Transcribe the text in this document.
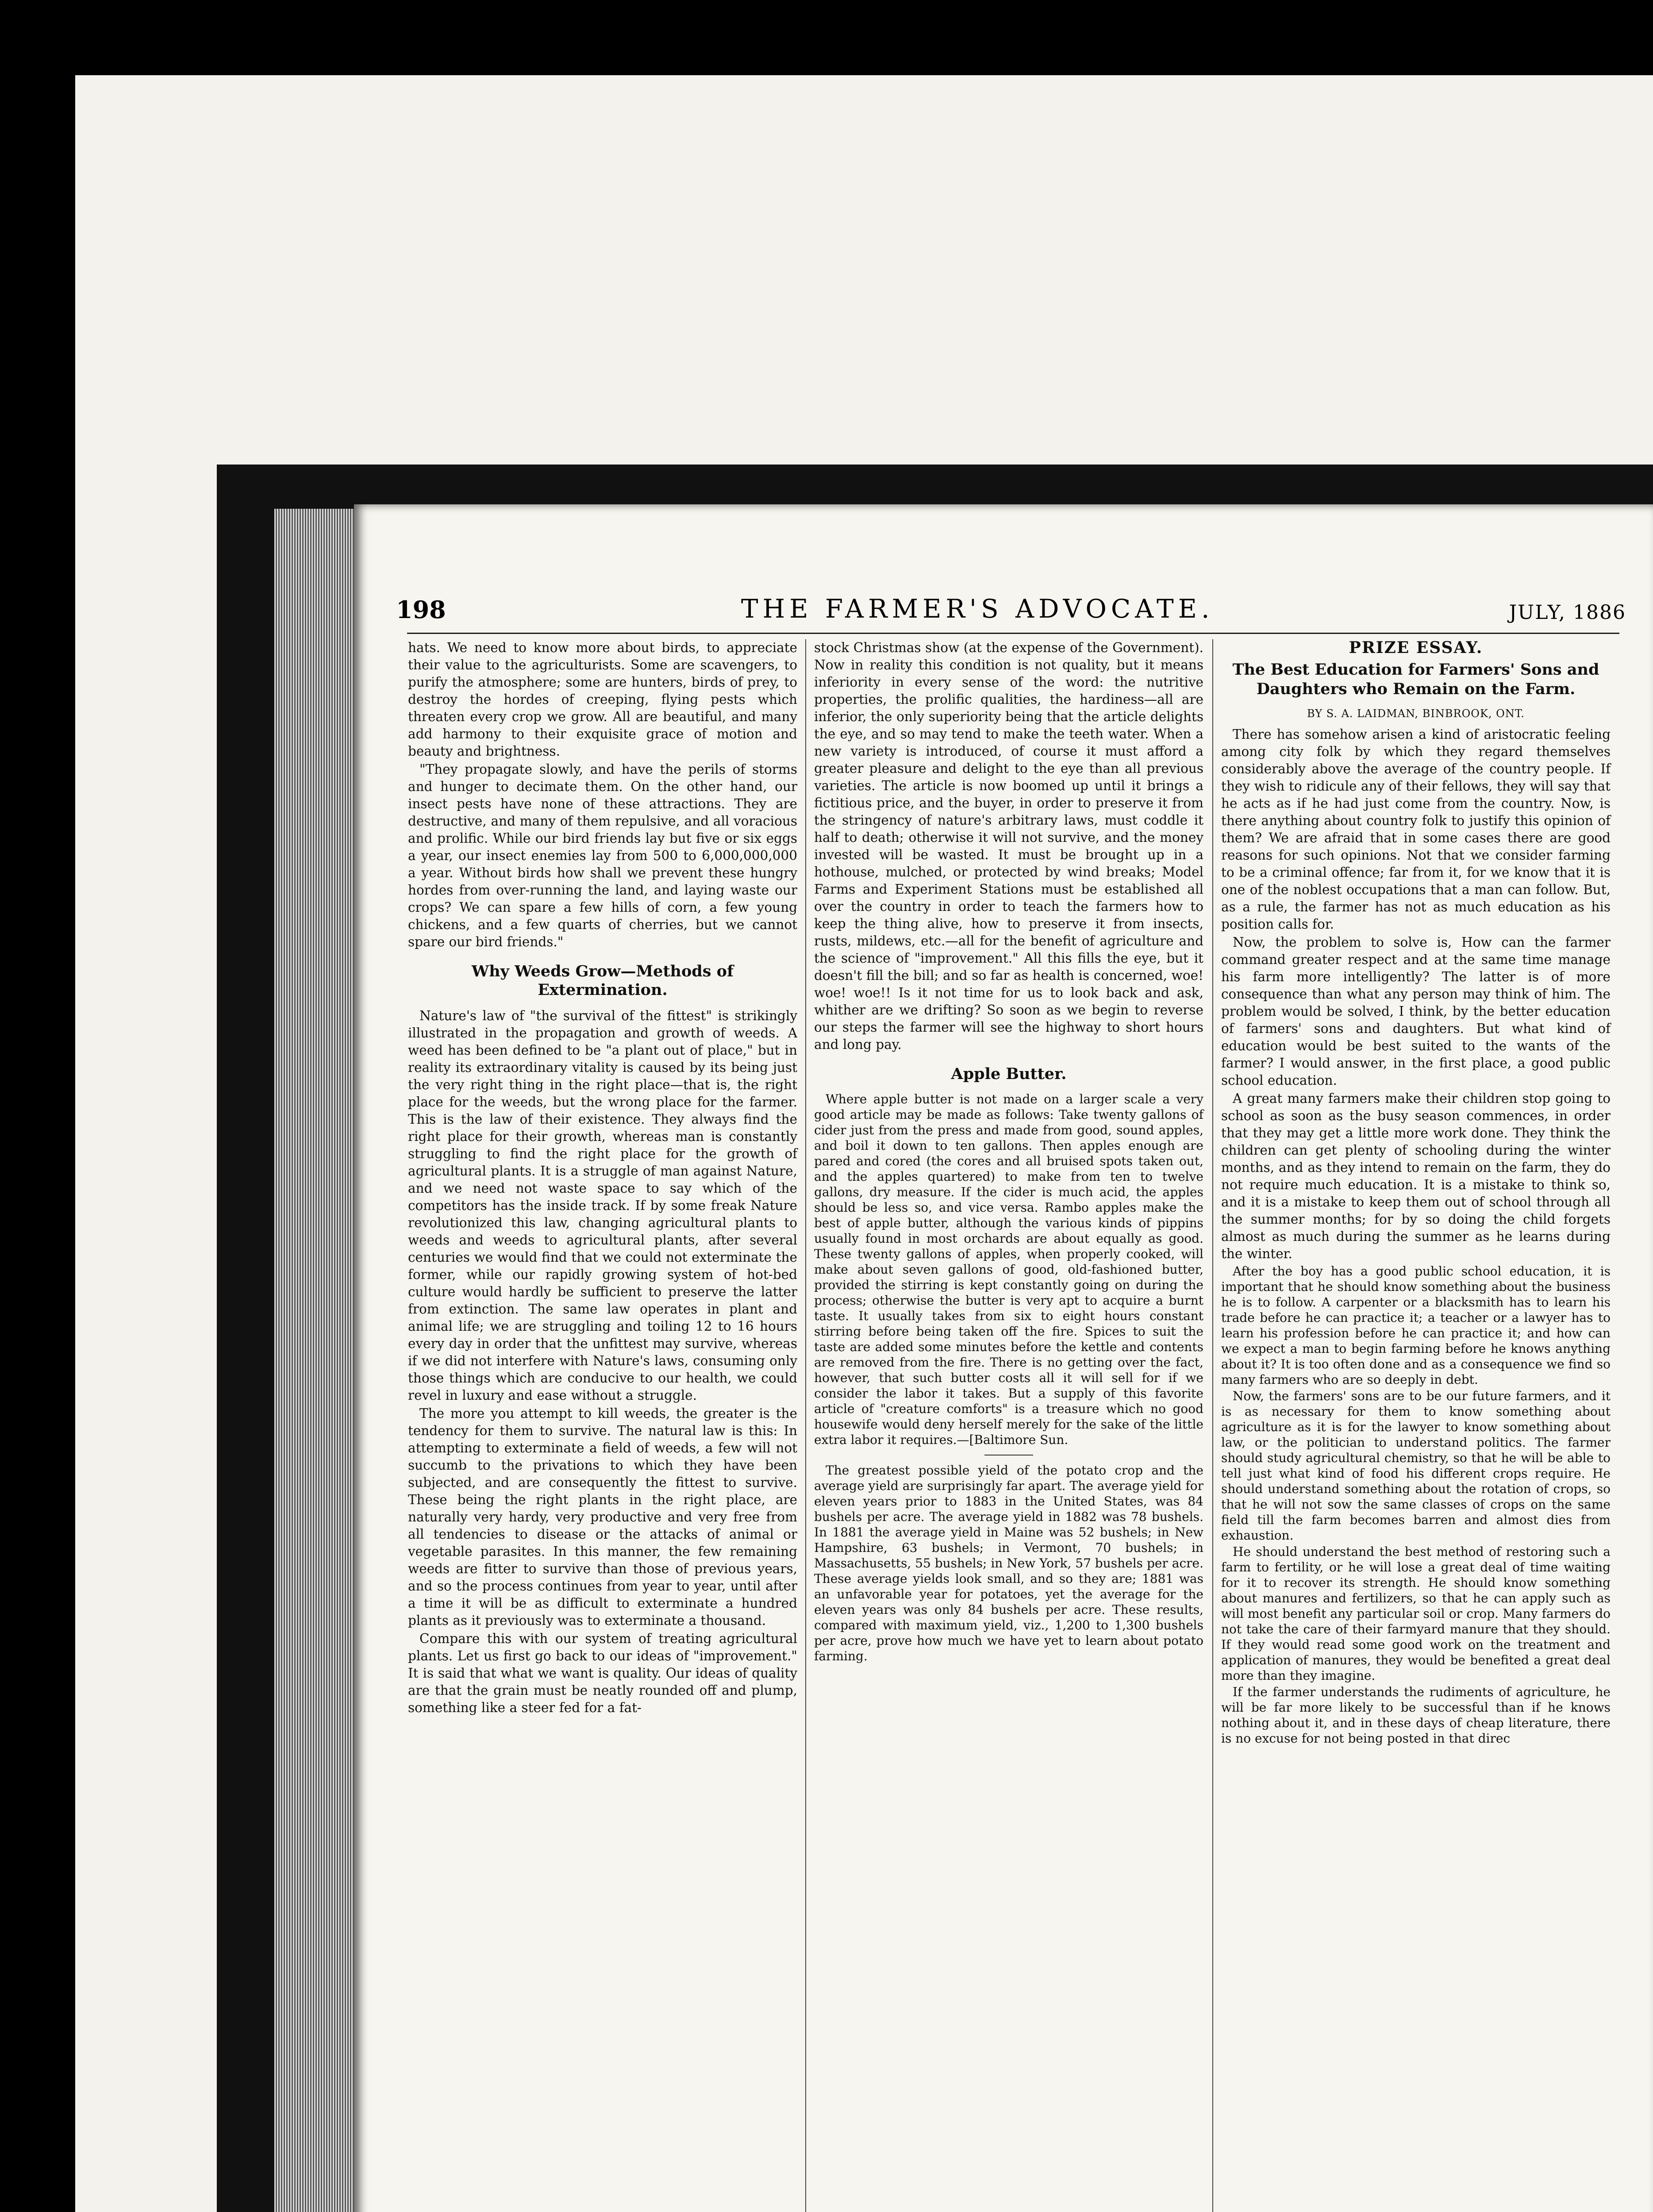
198	THE FARMER'S ADVOCATE.	JULY, 1886

hats. We need to know more about birds, to appreciate their value to the agriculturists. Some are scavengers, to purify the atmosphere; some are hunters, birds of prey, to destroy the hordes of creeping, flying pests which threaten every crop we grow. All are beautiful, and many add harmony to their exquisite grace of motion and beauty and brightness.

"They propagate slowly, and have the perils of storms and hunger to decimate them. On the other hand, our insect pests have none of these attractions. They are destructive, and many of them repulsive, and all voracious and prolific. While our bird friends lay but five or six eggs a year, our insect enemies lay from 500 to 6,000,000,000 a year. Without birds how shall we prevent these hungry hordes from over-running the land, and laying waste our crops? We can spare a few hills of corn, a few young chickens, and a few quarts of cherries, but we cannot spare our bird friends."

Why Weeds Grow—Methods of Extermination.

Nature's law of "the survival of the fittest" is strikingly illustrated in the propagation and growth of weeds. A weed has been defined to be "a plant out of place," but in reality its extraordinary vitality is caused by its being just the very right thing in the right place—that is, the right place for the weeds, but the wrong place for the farmer. This is the law of their existence. They always find the right place for their growth, whereas man is constantly struggling to find the right place for the growth of agricultural plants. It is a struggle of man against Nature, and we need not waste space to say which of the competitors has the inside track. If by some freak Nature revolutionized this law, changing agricultural plants to weeds and weeds to agricultural plants, after several centuries we would find that we could not exterminate the former, while our rapidly growing system of hot-bed culture would hardly be sufficient to preserve the latter from extinction. The same law operates in plant and animal life; we are struggling and toiling 12 to 16 hours every day in order that the unfittest may survive, whereas if we did not interfere with Nature's laws, consuming only those things which are conducive to our health, we could revel in luxury and ease without a struggle.

The more you attempt to kill weeds, the greater is the tendency for them to survive. The natural law is this: In attempting to exterminate a field of weeds, a few will not succumb to the privations to which they have been subjected, and are consequently the fittest to survive. These being the right plants in the right place, are naturally very hardy, very productive and very free from all tendencies to disease or the attacks of animal or vegetable parasites. In this manner, the few remaining weeds are fitter to survive than those of previous years, and so the process continues from year to year, until after a time it will be as difficult to exterminate a hundred plants as it previously was to exterminate a thousand.

Compare this with our system of treating agricultural plants. Let us first go back to our ideas of "improvement." It is said that what we want is quality. Our ideas of quality are that the grain must be neatly rounded off and plump, something like a steer fed for a fat-

stock Christmas show (at the expense of the Government). Now in reality this condition is not quality, but it means inferiority in every sense of the word: the nutritive properties, the prolific qualities, the hardiness—all are inferior, the only superiority being that the article delights the eye, and so may tend to make the teeth water. When a new variety is introduced, of course it must afford a greater pleasure and delight to the eye than all previous varieties. The article is now boomed up until it brings a fictitious price, and the buyer, in order to preserve it from the stringency of nature's arbitrary laws, must coddle it half to death; otherwise it will not survive, and the money invested will be wasted. It must be brought up in a hothouse, mulched, or protected by wind breaks; Model Farms and Experiment Stations must be established all over the country in order to teach the farmers how to keep the thing alive, how to preserve it from insects, rusts, mildews, etc.—all for the benefit of agriculture and the science of "improvement." All this fills the eye, but it doesn't fill the bill; and so far as health is concerned, woe! woe! woe!! Is it not time for us to look back and ask, whither are we drifting? So soon as we begin to reverse our steps the farmer will see the highway to short hours and long pay.

Apple Butter.

Where apple butter is not made on a larger scale a very good article may be made as follows: Take twenty gallons of cider just from the press and made from good, sound apples, and boil it down to ten gallons. Then apples enough are pared and cored (the cores and all bruised spots taken out, and the apples quartered) to make from ten to twelve gallons, dry measure. If the cider is much acid, the apples should be less so, and vice versa. Rambo apples make the best of apple butter, although the various kinds of pippins usually found in most orchards are about equally as good. These twenty gallons of apples, when properly cooked, will make about seven gallons of good, old-fashioned butter, provided the stirring is kept constantly going on during the process; otherwise the butter is very apt to acquire a burnt taste. It usually takes from six to eight hours constant stirring before being taken off the fire. Spices to suit the taste are added some minutes before the kettle and contents are removed from the fire. There is no getting over the fact, however, that such butter costs all it will sell for if we consider the labor it takes. But a supply of this favorite article of "creature comforts" is a treasure which no good housewife would deny herself merely for the sake of the little extra labor it requires.—[Baltimore Sun.

The greatest possible yield of the potato crop and the average yield are surprisingly far apart. The average yield for eleven years prior to 1883 in the United States, was 84 bushels per acre. The average yield in 1882 was 78 bushels. In 1881 the average yield in Maine was 52 bushels; in New Hampshire, 63 bushels; in Vermont, 70 bushels; in Massachusetts, 55 bushels; in New York, 57 bushels per acre. These average yields look small, and so they are; 1881 was an unfavorable year for potatoes, yet the average for the eleven years was only 84 bushels per acre. These results, compared with maximum yield, viz., 1,200 to 1,300 bushels per acre, prove how much we have yet to learn about potato farming.

PRIZE ESSAY.
The Best Education for Farmers' Sons and Daughters who Remain on the Farm.
BY S. A. LAIDMAN, BINBROOK, ONT.

There has somehow arisen a kind of aristocratic feeling among city folk by which they regard themselves considerably above the average of the country people. If they wish to ridicule any of their fellows, they will say that he acts as if he had just come from the country. Now, is there anything about country folk to justify this opinion of them? We are afraid that in some cases there are good reasons for such opinions. Not that we consider farming to be a criminal offence; far from it, for we know that it is one of the noblest occupations that a man can follow. But, as a rule, the farmer has not as much education as his position calls for.

Now, the problem to solve is, How can the farmer command greater respect and at the same time manage his farm more intelligently? The latter is of more consequence than what any person may think of him. The problem would be solved, I think, by the better education of farmers' sons and daughters. But what kind of education would be best suited to the wants of the farmer? I would answer, in the first place, a good public school education.

A great many farmers make their children stop going to school as soon as the busy season commences, in order that they may get a little more work done. They think the children can get plenty of schooling during the winter months, and as they intend to remain on the farm, they do not require much education. It is a mistake to think so, and it is a mistake to keep them out of school through all the summer months; for by so doing the child forgets almost as much during the summer as he learns during the winter.

After the boy has a good public school education, it is important that he should know something about the business he is to follow. A carpenter or a blacksmith has to learn his trade before he can practice it; a teacher or a lawyer has to learn his profession before he can practice it; and how can we expect a man to begin farming before he knows anything about it? It is too often done and as a consequence we find so many farmers who are so deeply in debt.

Now, the farmers' sons are to be our future farmers, and it is as necessary for them to know something about agriculture as it is for the lawyer to know something about law, or the politician to understand politics. The farmer should study agricultural chemistry, so that he will be able to tell just what kind of food his different crops require. He should understand something about the rotation of crops, so that he will not sow the same classes of crops on the same field till the farm becomes barren and almost dies from exhaustion.

He should understand the best method of restoring such a farm to fertility, or he will lose a great deal of time waiting for it to recover its strength. He should know something about manures and fertilizers, so that he can apply such as will most benefit any particular soil or crop. Many farmers do not take the care of their farmyard manure that they should. If they would read some good work on the treatment and application of manures, they would be benefited a great deal more than they imagine.

If the farmer understands the rudiments of agriculture, he will be far more likely to be successful than if he knows nothing about it, and in these days of cheap literature, there is no excuse for not being posted in that direc
